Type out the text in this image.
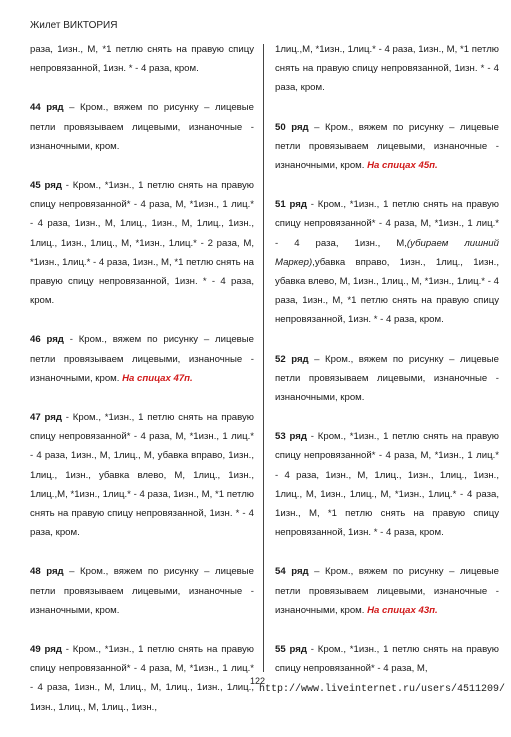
Жилет ВИКТОРИЯ

раза, 1изн., М, *1 петлю снять на правую спицу непровязанной, 1изн. * - 4 раза, кром.

44 ряд – Кром., вяжем по рисунку – лицевые петли провязываем лицевыми, изнаночные - изнаночными, кром.

45 ряд - Кром., *1изн., 1 петлю снять на правую спицу непровязанной* - 4 раза, М, *1изн., 1 лиц.* - 4 раза, 1изн., М, 1лиц., 1изн., М, 1лиц., 1изн., 1лиц., 1изн., 1лиц., М, *1изн., 1лиц.* - 2 раза, М, *1изн., 1лиц.* - 4 раза, 1изн., М, *1 петлю снять на правую спицу непровязанной, 1изн. * - 4 раза, кром.

46 ряд - Кром., вяжем по рисунку – лицевые петли провязываем лицевыми, изнаночные - изнаночными, кром. На спицах 47п.

47 ряд - Кром., *1изн., 1 петлю снять на правую спицу непровязанной* - 4 раза, М, *1изн., 1 лиц.* - 4 раза, 1изн., М, 1лиц., М, убавка вправо, 1изн., 1лиц., 1изн., убавка влево, М, 1лиц., 1изн., 1лиц.,М, *1изн., 1лиц.* - 4 раза, 1изн., М, *1 петлю снять на правую спицу непровязанной, 1изн. * - 4 раза, кром.

48 ряд – Кром., вяжем по рисунку – лицевые петли провязываем лицевыми, изнаночные - изнаночными, кром.

49 ряд - Кром., *1изн., 1 петлю снять на правую спицу непровязанной* - 4 раза, М, *1изн., 1 лиц.* - 4 раза, 1изн., М, 1лиц., М, 1лиц., 1изн., 1лиц., 1изн., 1лиц., М, 1лиц., 1изн.,

1лиц.,М, *1изн., 1лиц.* - 4 раза, 1изн., М, *1 петлю снять на правую спицу непровязанной, 1изн. * - 4 раза, кром.

50 ряд – Кром., вяжем по рисунку – лицевые петли провязываем лицевыми, изнаночные - изнаночными, кром. На спицах 45п.

51 ряд - Кром., *1изн., 1 петлю снять на правую спицу непровязанной* - 4 раза, М, *1изн., 1 лиц.* - 4 раза, 1изн., М,(убираем лишний Маркер),убавка вправо, 1изн., 1лиц., 1изн., убавка влево, М, 1изн., 1лиц., М, *1изн., 1лиц.* - 4 раза, 1изн., М, *1 петлю снять на правую спицу непровязанной, 1изн. * - 4 раза, кром.

52 ряд – Кром., вяжем по рисунку – лицевые петли провязываем лицевыми, изнаночные - изнаночными, кром.

53 ряд - Кром., *1изн., 1 петлю снять на правую спицу непровязанной* - 4 раза, М, *1изн., 1 лиц.* - 4 раза, 1изн., М, 1лиц., 1изн., 1лиц., 1изн., 1лиц., М, 1изн., 1лиц., М, *1изн., 1лиц.* - 4 раза, 1изн., М, *1 петлю снять на правую спицу непровязанной, 1изн. * - 4 раза, кром.

54 ряд – Кром., вяжем по рисунку – лицевые петли провязываем лицевыми, изнаночные - изнаночными, кром. На спицах 43п.

55 ряд - Кром., *1изн., 1 петлю снять на правую спицу непровязанной* - 4 раза, М,

122
http://www.liveinternet.ru/users/4511209/
